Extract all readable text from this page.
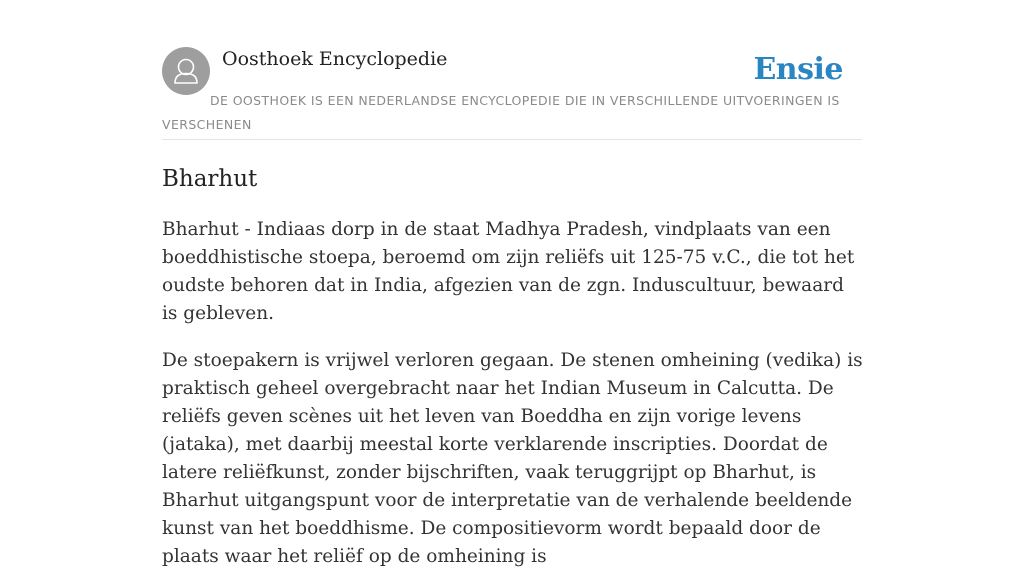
Oosthoek Encyclopedie	Ensie
DE OOSTHOEK IS EEN NEDERLANDSE ENCYCLOPEDIE DIE IN VERSCHILLENDE UITVOERINGEN IS VERSCHENEN
Bharhut

Bharhut - Indiaas dorp in de staat Madhya Pradesh, vindplaats van een boeddhistische stoepa, beroemd om zijn reliëfs uit 125-75 v.C., die tot het oudste behoren dat in India, afgezien van de zgn. Induscultuur, bewaard is gebleven.

De stoepakern is vrijwel verloren gegaan. De stenen omheining (vedika) is praktisch geheel overgebracht naar het Indian Museum in Calcutta. De reliëfs geven scènes uit het leven van Boeddha en zijn vorige levens (jataka), met daarbij meestal korte verklarende inscripties. Doordat de latere reliëfkunst, zonder bijschriften, vaak teruggrijpt op Bharhut, is Bharhut uitgangspunt voor de interpretatie van de verhalende beeldende kunst van het boeddhisme. De compositievorm wordt bepaald door de plaats waar het reliëf op de omheining is
